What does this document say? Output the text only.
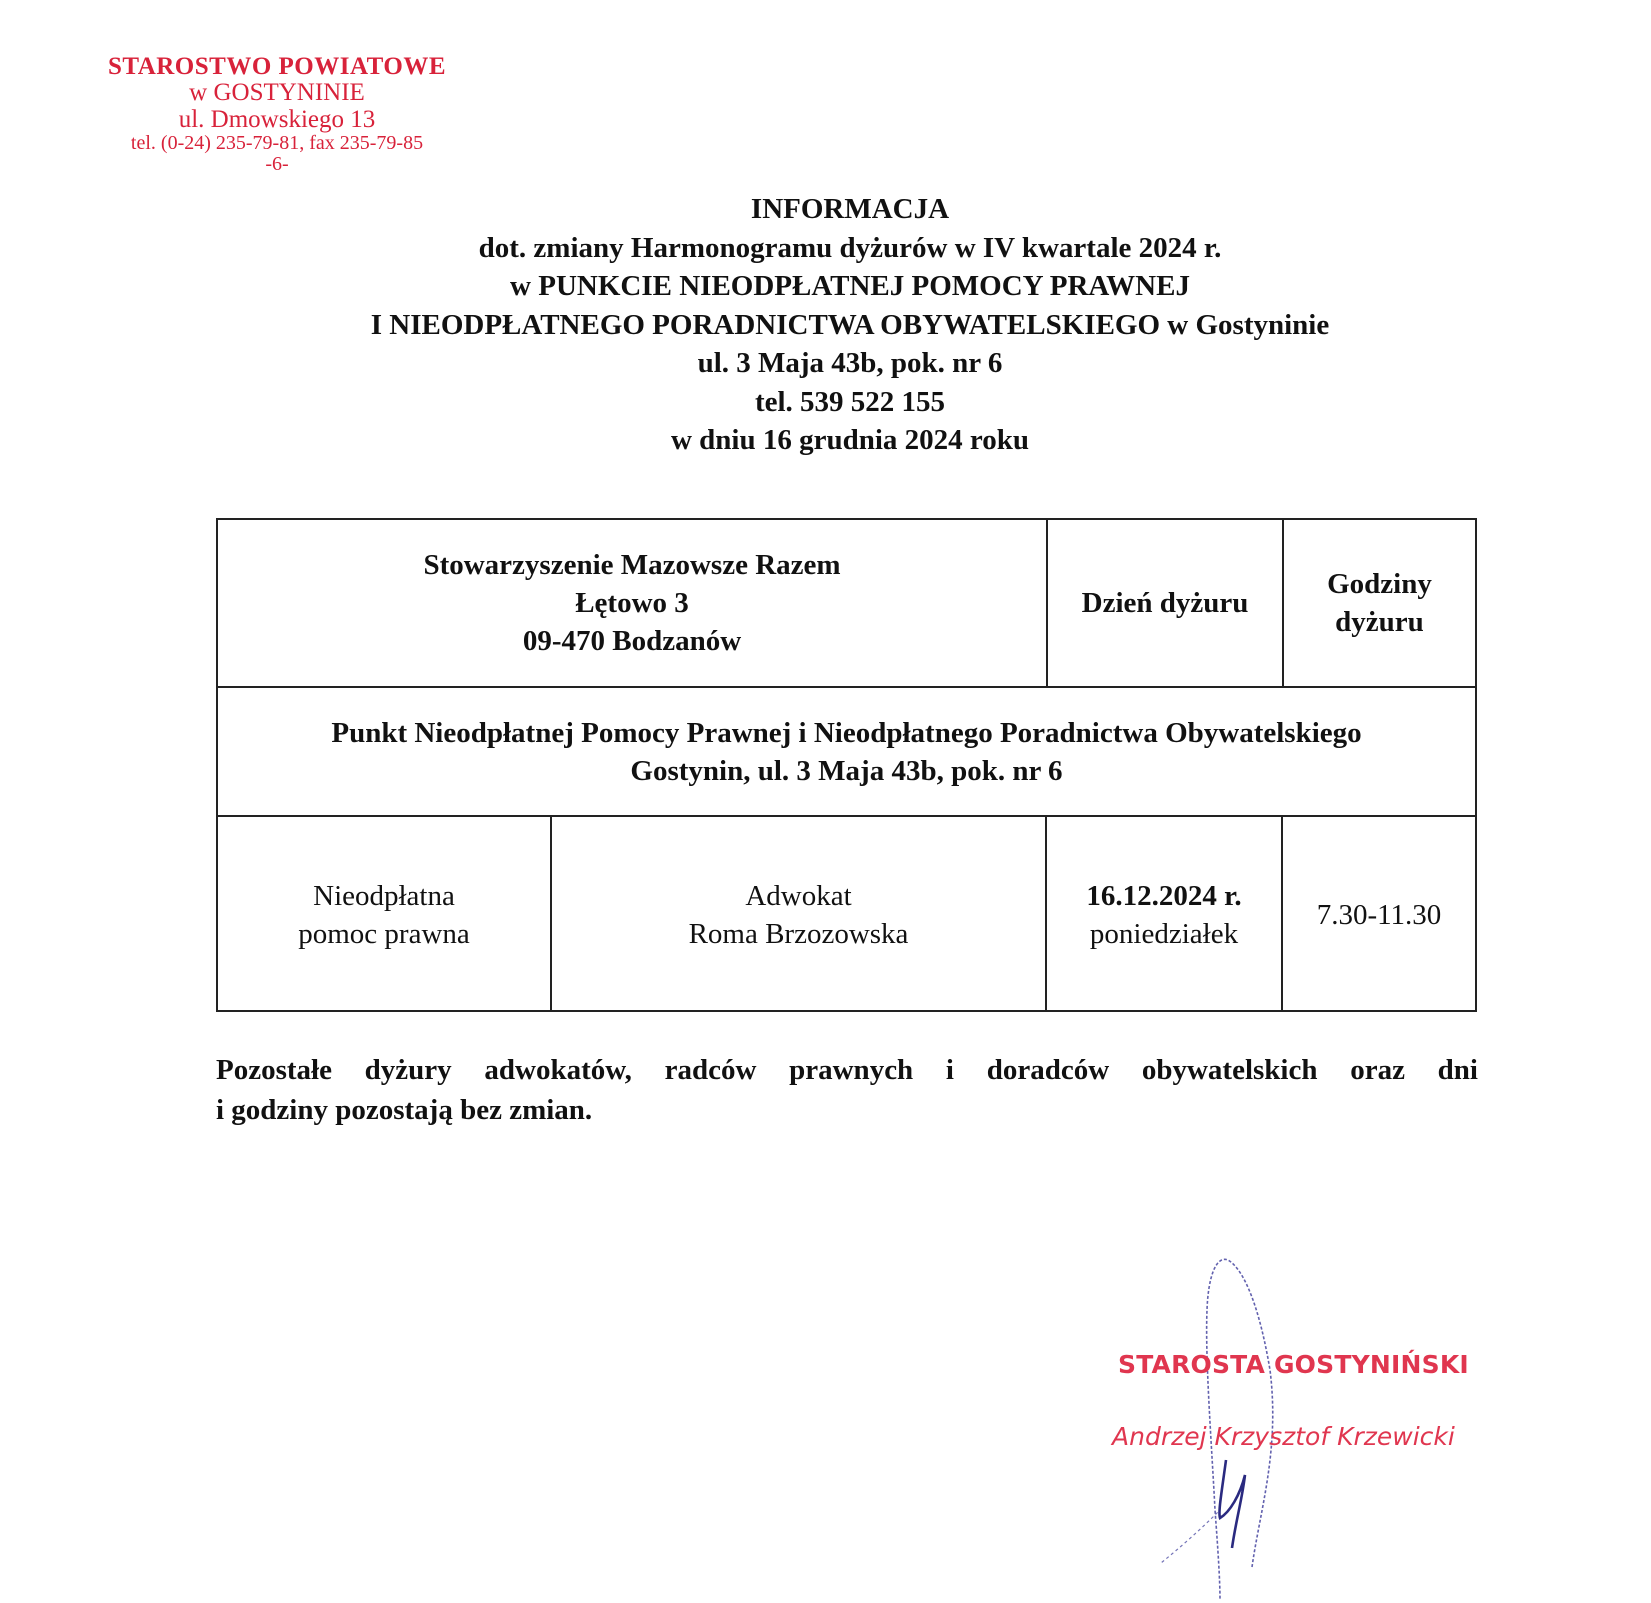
STAROSTWO POWIATOWE
w GOSTYNINIE
ul. Dmowskiego 13
tel. (0-24) 235-79-81, fax 235-79-85
-6-
INFORMACJA
dot. zmiany Harmonogramu dyżurów w IV kwartale 2024 r.
w PUNKCIE NIEODPŁATNEJ POMOCY PRAWNEJ
I NIEODPŁATNEGO PORADNICTWA OBYWATELSKIEGO w Gostyninie
ul. 3 Maja 43b, pok. nr 6
tel. 539 522 155
w dniu 16 grudnia 2024 roku
Stowarzyszenie Mazowsze Razem
Łętowo 3
09-470 Bodzanów
Dzień dyżuru
Godziny
dyżuru
Punkt Nieodpłatnej Pomocy Prawnej i Nieodpłatnego Poradnictwa Obywatelskiego
Gostynin, ul. 3 Maja 43b, pok. nr 6
Nieodpłatna
pomoc prawna
Adwokat
Roma Brzozowska
16.12.2024 r.
poniedziałek
7.30-11.30
Pozostałe dyżury adwokatów, radców prawnych i doradców obywatelskich oraz dni
i godziny pozostają bez zmian.
STAROSTA GOSTYNIŃSKI
Andrzej Krzysztof Krzewicki
